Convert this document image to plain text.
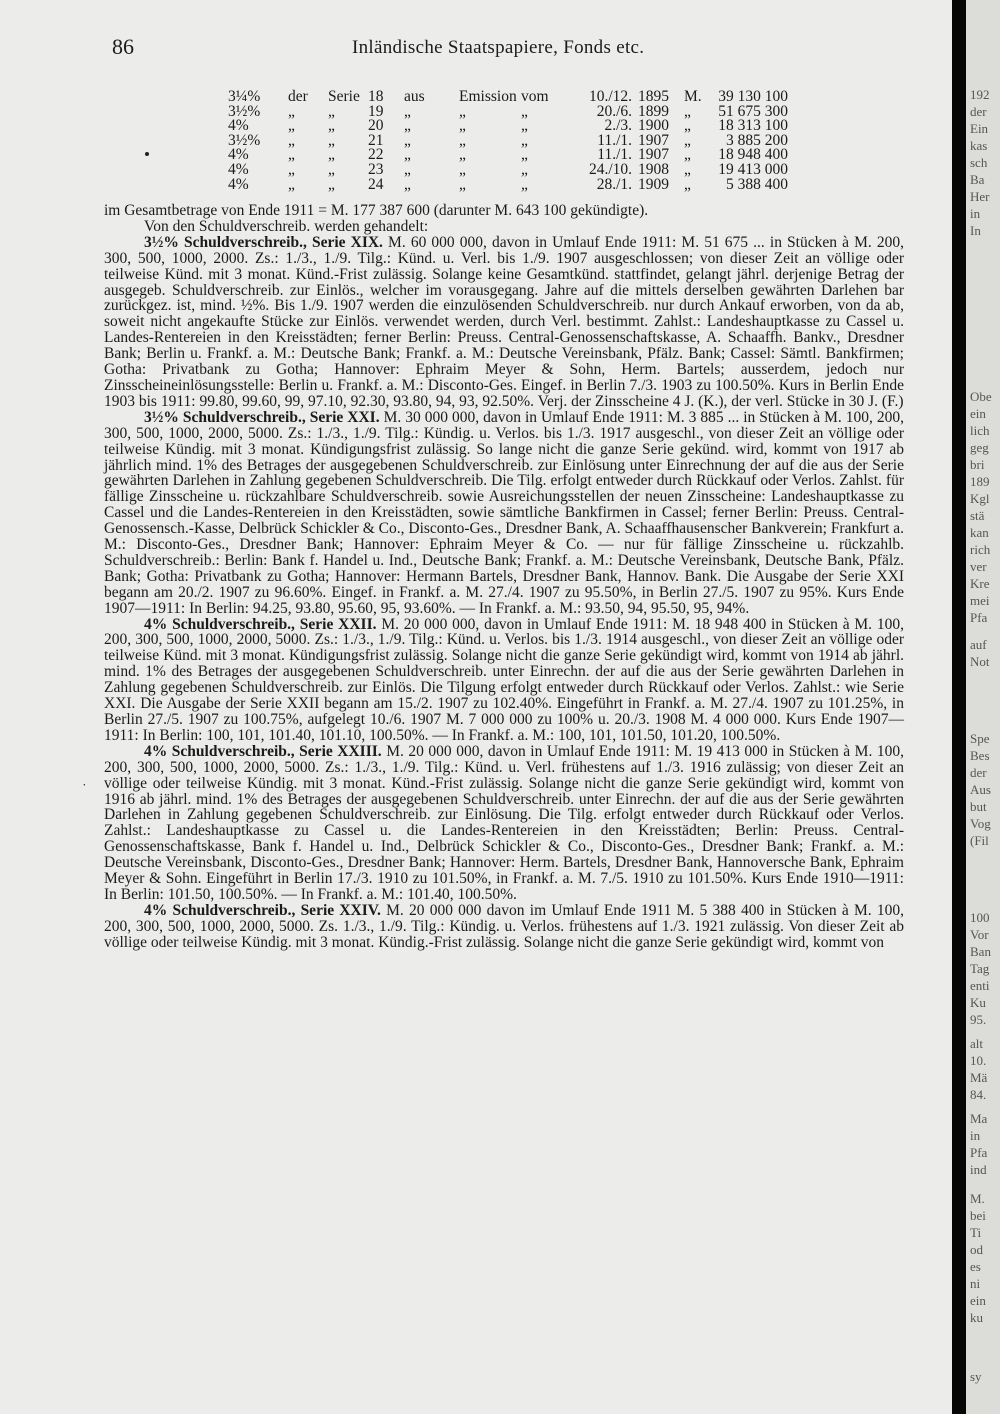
86	Inländische Staatspapiere, Fonds etc.
3¼%	der	Serie	18	aus	Emission	vom	10./12.	1895	M.	39 130 100
3½%	„	„	19	„	„	„	20./6.	1899	„	51 675 300
4%	„	„	20	„	„	„	2./3.	1900	„	18 313 100
3½%	„	„	21	„	„	„	11./1.	1907	„	3 885 200
4%	„	„	22	„	„	„	11./1.	1907	„	18 948 400
4%	„	„	23	„	„	„	24./10.	1908	„	19 413 000
4%	„	„	24	„	„	„	28./1.	1909	„	5 388 400

im Gesamtbetrage von Ende 1911 = M. 177 387 600 (darunter M. 643 100 gekündigte).

Von den Schuldverschreib. werden gehandelt:

3½% Schuldverschreib., Serie XIX. M. 60 000 000, davon in Umlauf Ende 1911: M. 51 675 ... in Stücken à M. 200, 300, 500, 1000, 2000. Zs.: 1./3., 1./9. Tilg.: Künd. u. Verl. bis 1./9. 1907 ausgeschlossen; von dieser Zeit an völlige oder teilweise Künd. mit 3 monat. Künd.-Frist zulässig. Solange keine Gesamtkünd. stattfindet, gelangt jährl. derjenige Betrag der ausgegeb. Schuldverschreib. zur Einlös., welcher im vorausgegang. Jahre auf die mittels derselben gewährten Darlehen bar zurückgez. ist, mind. ½%. Bis 1./9. 1907 werden die einzulösenden Schuldverschreib. nur durch Ankauf erworben, von da ab, soweit nicht angekaufte Stücke zur Einlös. verwendet werden, durch Verl. bestimmt. Zahlst.: Landeshauptkasse zu Cassel u. Landes-Rentereien in den Kreisstädten; ferner Berlin: Preuss. Central-Genossenschaftskasse, A. Schaaffh. Bankv., Dresdner Bank; Berlin u. Frankf. a. M.: Deutsche Bank; Frankf. a. M.: Deutsche Vereinsbank, Pfälz. Bank; Cassel: Sämtl. Bankfirmen; Gotha: Privatbank zu Gotha; Hannover: Ephraim Meyer & Sohn, Herm. Bartels; ausserdem, jedoch nur Zinsscheineinlösungsstelle: Berlin u. Frankf. a. M.: Disconto-Ges. Eingef. in Berlin 7./3. 1903 zu 100.50%. Kurs in Berlin Ende 1903 bis 1911: 99.80, 99.60, 99, 97.10, 92.30, 93.80, 94, 93, 92.50%. Verj. der Zinsscheine 4 J. (K.), der verl. Stücke in 30 J. (F.)

3½% Schuldverschreib., Serie XXI. M. 30 000 000, davon in Umlauf Ende 1911: M. 3 885 ... in Stücken à M. 100, 200, 300, 500, 1000, 2000, 5000. Zs.: 1./3., 1./9. Tilg.: Kündig. u. Verlos. bis 1./3. 1917 ausgeschl., von dieser Zeit an völlige oder teilweise Kündig. mit 3 monat. Kündigungsfrist zulässig. So lange nicht die ganze Serie gekünd. wird, kommt von 1917 ab jährlich mind. 1% des Betrages der ausgegebenen Schuldverschreib. zur Einlösung unter Einrechnung der auf die aus der Serie gewährten Darlehen in Zahlung gegebenen Schuldverschreib. Die Tilg. erfolgt entweder durch Rückkauf oder Verlos. Zahlst. für fällige Zinsscheine u. rückzahlbare Schuldverschreib. sowie Ausreichungsstellen der neuen Zinsscheine: Landeshauptkasse zu Cassel und die Landes-Rentereien in den Kreisstädten, sowie sämtliche Bankfirmen in Cassel; ferner Berlin: Preuss. Central-Genossensch.-Kasse, Delbrück Schickler & Co., Disconto-Ges., Dresdner Bank, A. Schaaffhausenscher Bankverein; Frankfurt a. M.: Disconto-Ges., Dresdner Bank; Hannover: Ephraim Meyer & Co. — nur für fällige Zinsscheine u. rückzahlb. Schuldverschreib.: Berlin: Bank f. Handel u. Ind., Deutsche Bank; Frankf. a. M.: Deutsche Vereinsbank, Deutsche Bank, Pfälz. Bank; Gotha: Privatbank zu Gotha; Hannover: Hermann Bartels, Dresdner Bank, Hannov. Bank. Die Ausgabe der Serie XXI begann am 20./2. 1907 zu 96.60%. Eingef. in Frankf. a. M. 27./4. 1907 zu 95.50%, in Berlin 27./5. 1907 zu 95%. Kurs Ende 1907—1911: In Berlin: 94.25, 93.80, 95.60, 95, 93.60%. — In Frankf. a. M.: 93.50, 94, 95.50, 95, 94%.

4% Schuldverschreib., Serie XXII. M. 20 000 000, davon in Umlauf Ende 1911: M. 18 948 400 in Stücken à M. 100, 200, 300, 500, 1000, 2000, 5000. Zs.: 1./3., 1./9. Tilg.: Künd. u. Verlos. bis 1./3. 1914 ausgeschl., von dieser Zeit an völlige oder teilweise Künd. mit 3 monat. Kündigungsfrist zulässig. Solange nicht die ganze Serie gekündigt wird, kommt von 1914 ab jährl. mind. 1% des Betrages der ausgegebenen Schuldverschreib. unter Einrechn. der auf die aus der Serie gewährten Darlehen in Zahlung gegebenen Schuldverschreib. zur Einlös. Die Tilgung erfolgt entweder durch Rückkauf oder Verlos. Zahlst.: wie Serie XXI. Die Ausgabe der Serie XXII begann am 15./2. 1907 zu 102.40%. Eingeführt in Frankf. a. M. 27./4. 1907 zu 101.25%, in Berlin 27./5. 1907 zu 100.75%, aufgelegt 10./6. 1907 M. 7 000 000 zu 100% u. 20./3. 1908 M. 4 000 000. Kurs Ende 1907—1911: In Berlin: 100, 101, 101.40, 101.10, 100.50%. — In Frankf. a. M.: 100, 101, 101.50, 101.20, 100.50%.

4% Schuldverschreib., Serie XXIII. M. 20 000 000, davon in Umlauf Ende 1911: M. 19 413 000 in Stücken à M. 100, 200, 300, 500, 1000, 2000, 5000. Zs.: 1./3., 1./9. Tilg.: Künd. u. Verl. frühestens auf 1./3. 1916 zulässig; von dieser Zeit an völlige oder teilweise Kündig. mit 3 monat. Künd.-Frist zulässig. Solange nicht die ganze Serie gekündigt wird, kommt von 1916 ab jährl. mind. 1% des Betrages der ausgegebenen Schuldverschreib. unter Einrechn. der auf die aus der Serie gewährten Darlehen in Zahlung gegebenen Schuldverschreib. zur Einlösung. Die Tilg. erfolgt entweder durch Rückkauf oder Verlos. Zahlst.: Landeshauptkasse zu Cassel u. die Landes-Rentereien in den Kreisstädten; Berlin: Preuss. Central-Genossenschaftskasse, Bank f. Handel u. Ind., Delbrück Schickler & Co., Disconto-Ges., Dresdner Bank; Frankf. a. M.: Deutsche Vereinsbank, Disconto-Ges., Dresdner Bank; Hannover: Herm. Bartels, Dresdner Bank, Hannoversche Bank, Ephraim Meyer & Sohn. Eingeführt in Berlin 17./3. 1910 zu 101.50%, in Frankf. a. M. 7./5. 1910 zu 101.50%. Kurs Ende 1910—1911: In Berlin: 101.50, 100.50%. — In Frankf. a. M.: 101.40, 100.50%.

4% Schuldverschreib., Serie XXIV. M. 20 000 000 davon im Umlauf Ende 1911 M. 5 388 400 in Stücken à M. 100, 200, 300, 500, 1000, 2000, 5000. Zs. 1./3., 1./9. Tilg.: Kündig. u. Verlos. frühestens auf 1./3. 1921 zulässig. Von dieser Zeit ab völlige oder teilweise Kündig. mit 3 monat. Kündig.-Frist zulässig. Solange nicht die ganze Serie gekündigt wird, kommt von

˙
192
der
Ein
kas
sch
Ba
Her
in
In
Obe
ein
lich
geg
bri
189
Kgl
stä
kan
rich
ver
Kre
mei
Pfa
auf
Not
Spe
Bes
der
Aus
but
Vog
(Fil
100
Vor
Ban
Tag
enti
Ku
95.
alt
10.
Mä
84.
Ma
in
Pfa
ind
M.
bei
Ti
od
es
ni
ein
ku
sy
